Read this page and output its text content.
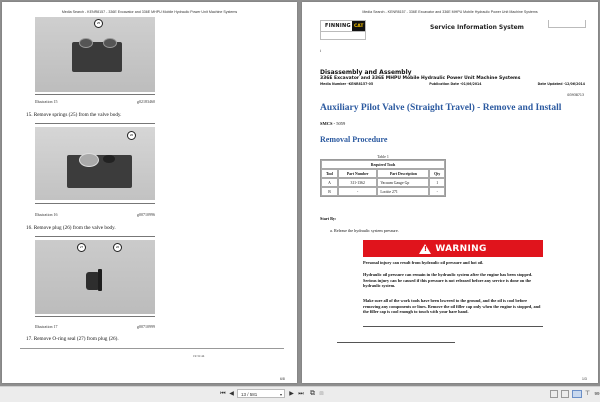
Media Search - KENR8157 - 336E Excavator and 336E MHPU Mobile Hydraulic Power Unit Machine Systems
25
Illustration 15	g02183460
15. Remove springs (25) from the valve body.
26
Illustration 16	g00710996
16. Remove plug (26) from the valve body.
27	26
Illustration 17	g00710999
17. Remove O-ring seal (27) from plug (26).
19:31:44
6/8
Media Search - KENR8157 - 336E Excavator and 336E MHPU Mobile Hydraulic Power Unit Machine Systems
FINNING CAT	Service Information System
i
Disassembly and Assembly
336E Excavator and 336E MHPU Mobile Hydraulic Power Unit Machine Systems
Media Number -KENR8157-05	Publication Date -01/06/2014	Date Updated -12/06/2014
i03938713
Auxiliary Pilot Valve (Straight Travel) - Remove and Install
SMCS - 5059
Removal Procedure
Table 1
Required Tools			
Tool	Part Number	Part Description	Qty
A	311-1362	Vacuum Gauge Gp	1
B	-	Loctite 271	-
Start By:
a. Release the hydraulic system pressure.
! WARNING
Personal injury can result from hydraulic oil pressure and hot oil.
Hydraulic oil pressure can remain in the hydraulic system after the engine has been stopped. Serious injury can be caused if this pressure is not released before any service is done on the hydraulic system.
Make sure all of the work tools have been lowered to the ground, and the oil is cool before removing any components or lines. Remove the oil filler cap only when the engine is stopped, and the filler cap is cool enough to touch with your bare hand.
1/3
⏮ ◀	13 / 581	▾ ▶ ⏭ ⧉ ⧈	⊤ 99
